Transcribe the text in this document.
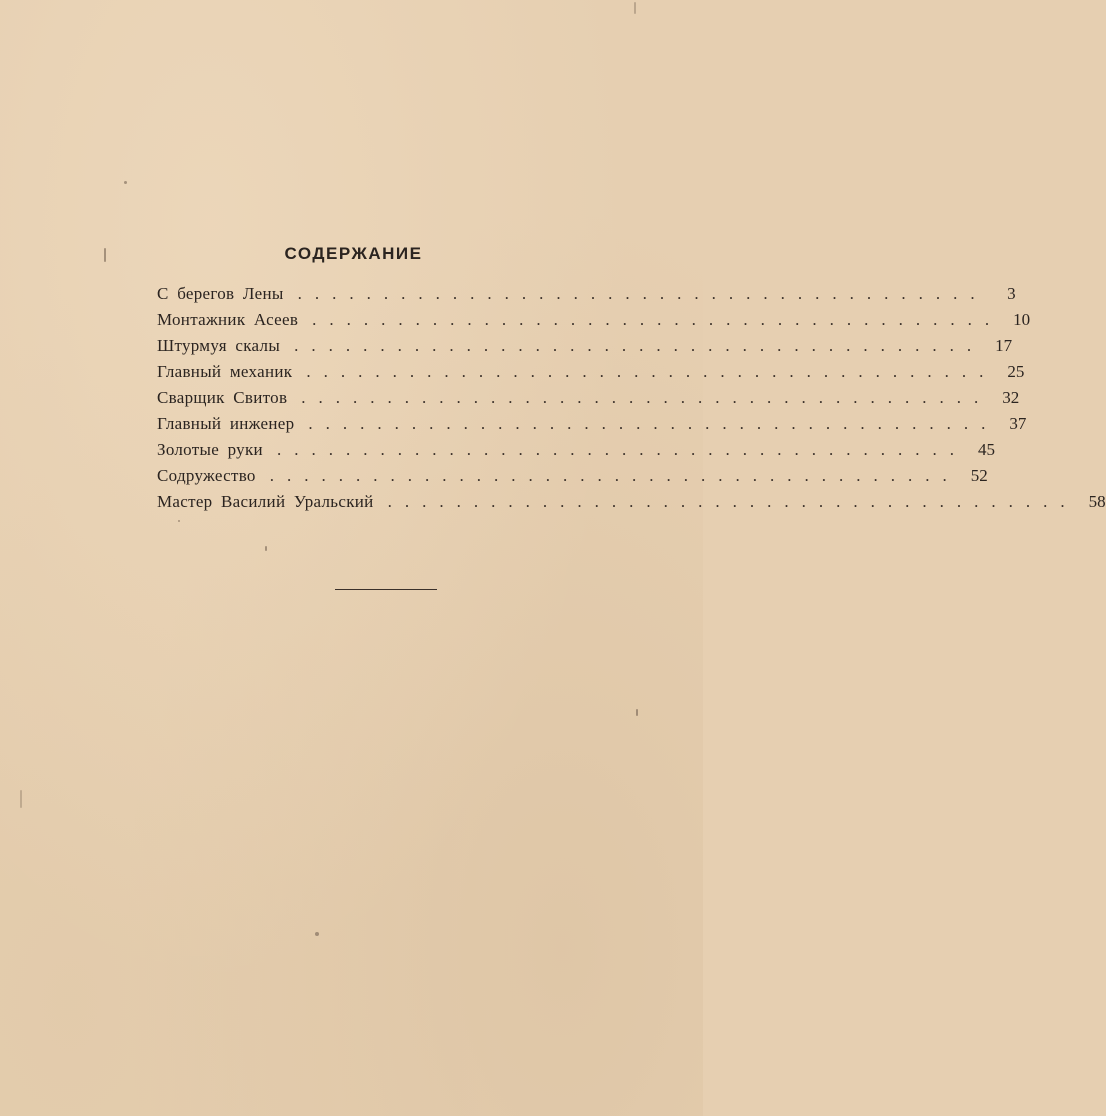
СОДЕРЖАНИЕ
С берегов Лены ........................................	3
Монтажник Асеев ........................................ 10
Штурмуя скалы ........................................ 17
Главный механик ........................................ 25
Сварщик Свитов ........................................ 32
Главный инженер ........................................ 37
Золотые руки ........................................ 45
Содружество ........................................ 52
Мастер Василий Уральский ........................................ 58
